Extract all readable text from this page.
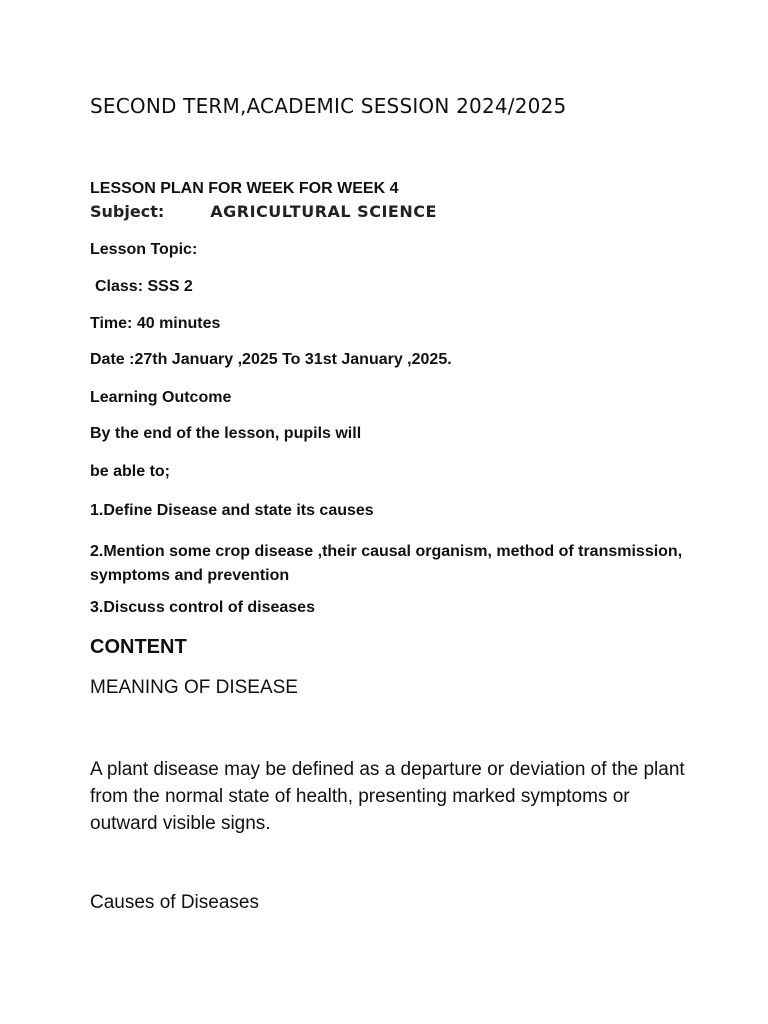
SECOND TERM,ACADEMIC SESSION 2024/2025
LESSON PLAN FOR WEEK FOR WEEK 4
Subject:	AGRICULTURAL SCIENCE
Lesson Topic:
Class: SSS 2
Time: 40 minutes
Date :27th January ,2025 To 31st January ,2025.
Learning Outcome
By the end of the lesson, pupils will
be able to;
1.Define Disease and state its causes
2.Mention some crop disease ,their causal organism, method of transmission, symptoms and prevention
3.Discuss control of diseases
CONTENT
MEANING OF DISEASE
A plant disease may be defined as a departure or deviation of the plant from the normal state of health, presenting marked symptoms or outward visible signs.
Causes of Diseases
